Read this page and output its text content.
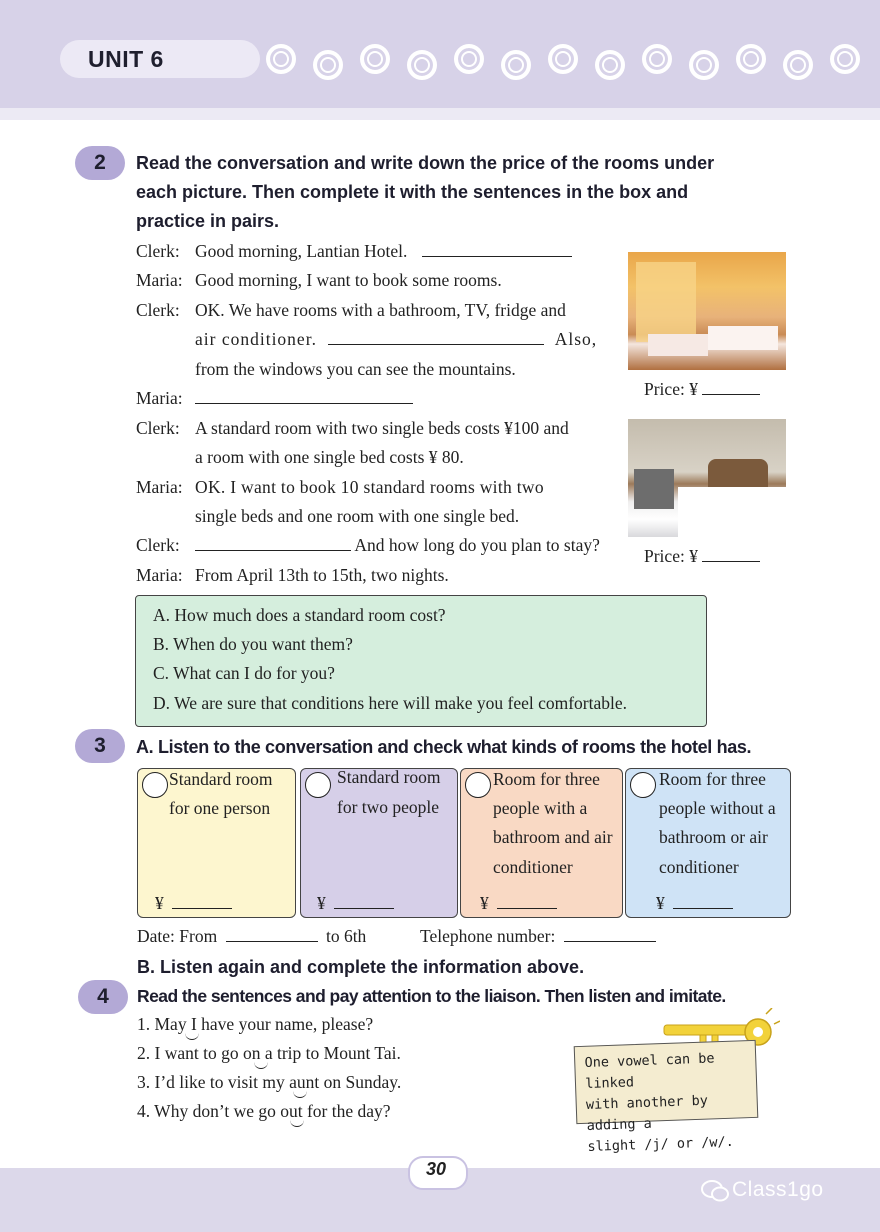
UNIT 6
2	Read the conversation and write down the price of the rooms under
each picture. Then complete it with the sentences in the box and
practice in pairs.
Clerk: Good morning, Lantian Hotel.
Maria: Good morning, I want to book some rooms.
Clerk: OK. We have rooms with a bathroom, TV, fridge and
air conditioner.	Also,
from the windows you can see the mountains.
Maria:
Clerk: A standard room with two single beds costs ¥100 and
a room with one single bed costs ¥ 80.
Maria: OK. I want to book 10 standard rooms with two
single beds and one room with one single bed.
Clerk:	And how long do you plan to stay?
Maria: From April 13th to 15th, two nights.
Price: ¥
Price: ¥
A. How much does a standard room cost?
B. When do you want them?
C. What can I do for you?
D. We are sure that conditions here will make you feel comfortable.
3	A. Listen to the conversation and check what kinds of rooms the hotel has.
Standard room
for one person
¥
Standard room
for two people
¥
Room for three
people with a
bathroom and air
conditioner
¥
Room for three
people without a
bathroom or air
conditioner
¥
Date: From	to 6th	Telephone number:
B. Listen again and complete the information above.
4	Read the sentences and pay attention to the liaison. Then listen and imitate.
1. May I have your name, please?
2. I want to go on a trip to Mount Tai.
3. I’d like to visit my aunt on Sunday.
4. Why don’t we go out for the day?
One vowel can be linked
with another by adding a
slight /j/ or /w/.
30
Class1go
